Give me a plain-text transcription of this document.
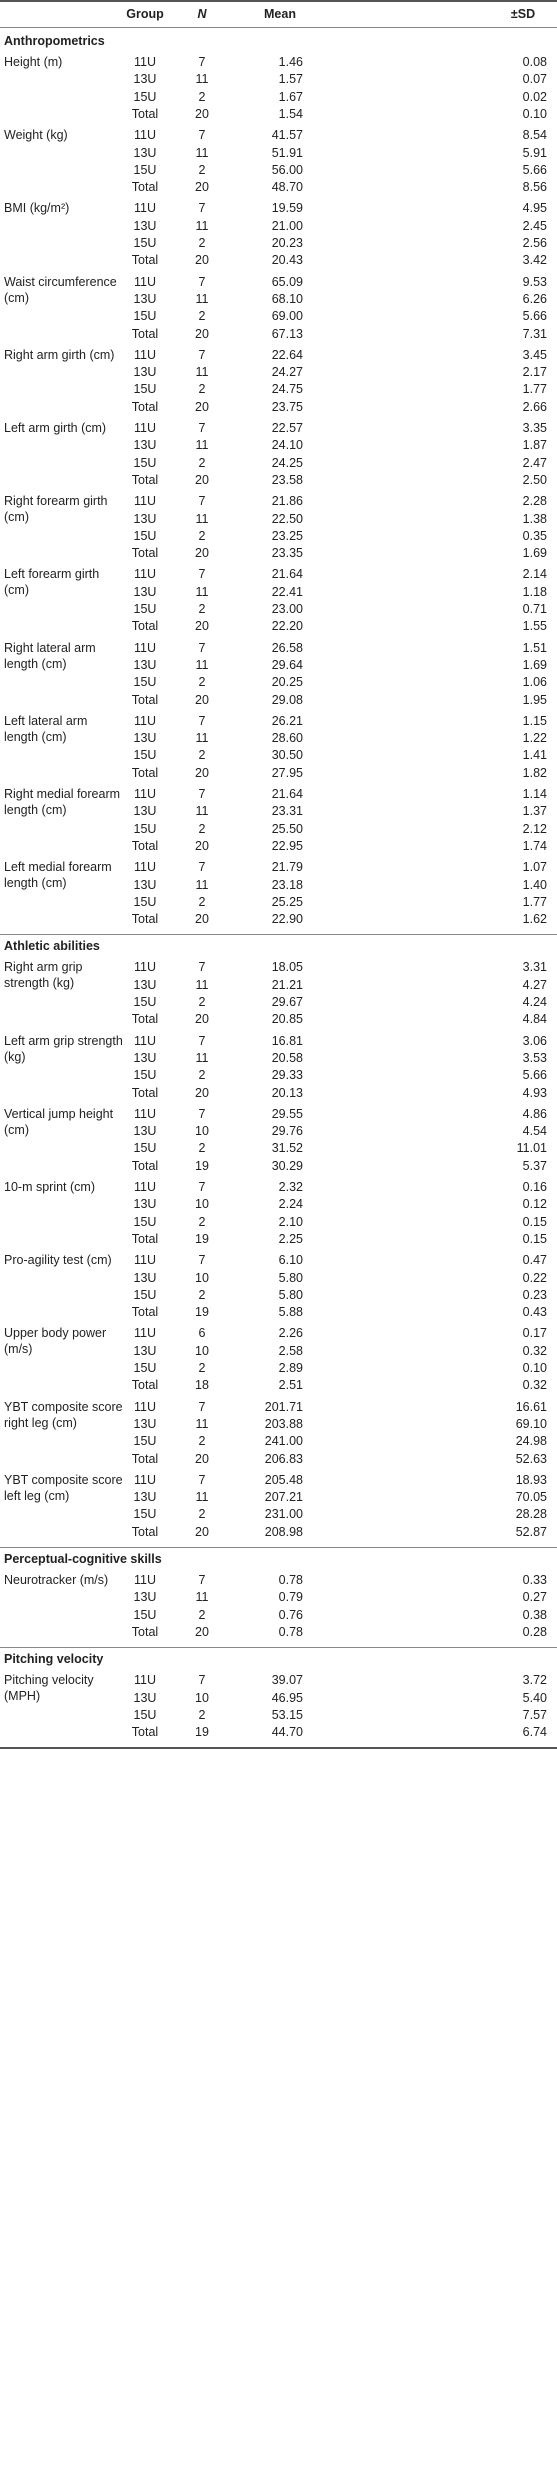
Group	N	Mean	±SD
Anthropometrics
Height (m)	11U	7	1.46	0.08
13U	11	1.57	0.07
15U	2	1.67	0.02
Total	20	1.54	0.10
Weight (kg)	11U	7	41.57	8.54
13U	11	51.91	5.91
15U	2	56.00	5.66
Total	20	48.70	8.56
BMI (kg/m²)	11U	7	19.59	4.95
13U	11	21.00	2.45
15U	2	20.23	2.56
Total	20	20.43	3.42
Waist circumference (cm)
11U	7	65.09	9.53
13U	11	68.10	6.26
15U	2	69.00	5.66
Total	20	67.13	7.31
Right arm girth (cm)	11U	7	22.64	3.45
13U	11	24.27	2.17
15U	2	24.75	1.77
Total	20	23.75	2.66
Left arm girth (cm)	11U	7	22.57	3.35
13U	11	24.10	1.87
15U	2	24.25	2.47
Total	20	23.58	2.50
Right forearm girth (cm)
11U	7	21.86	2.28
13U	11	22.50	1.38
15U	2	23.25	0.35
Total	20	23.35	1.69
Left forearm girth (cm)
11U	7	21.64	2.14
13U	11	22.41	1.18
15U	2	23.00	0.71
Total	20	22.20	1.55
Right lateral arm length (cm)
11U	7	26.58	1.51
13U	11	29.64	1.69
15U	2	20.25	1.06
Total	20	29.08	1.95
Left lateral arm length (cm)
11U	7	26.21	1.15
13U	11	28.60	1.22
15U	2	30.50	1.41
Total	20	27.95	1.82
Right medial forearm length (cm)
11U	7	21.64	1.14
13U	11	23.31	1.37
15U	2	25.50	2.12
Total	20	22.95	1.74
Left medial forearm length (cm)
11U	7	21.79	1.07
13U	11	23.18	1.40
15U	2	25.25	1.77
Total	20	22.90	1.62
Athletic abilities
Right arm grip strength (kg)
11U	7	18.05	3.31
13U	11	21.21	4.27
15U	2	29.67	4.24
Total	20	20.85	4.84
Left arm grip strength (kg)
11U	7	16.81	3.06
13U	11	20.58	3.53
15U	2	29.33	5.66
Total	20	20.13	4.93
Vertical jump height (cm)
11U	7	29.55	4.86
13U	10	29.76	4.54
15U	2	31.52	11.01
Total	19	30.29	5.37
10-m sprint (cm)	11U	7	2.32	0.16
13U	10	2.24	0.12
15U	2	2.10	0.15
Total	19	2.25	0.15
Pro-agility test (cm)	11U	7	6.10	0.47
13U	10	5.80	0.22
15U	2	5.80	0.23
Total	19	5.88	0.43
Upper body power (m/s)
11U	6	2.26	0.17
13U	10	2.58	0.32
15U	2	2.89	0.10
Total	18	2.51	0.32
YBT composite score right leg (cm)
11U	7	201.71	16.61
13U	11	203.88	69.10
15U	2	241.00	24.98
Total	20	206.83	52.63
YBT composite score left leg (cm)
11U	7	205.48	18.93
13U	11	207.21	70.05
15U	2	231.00	28.28
Total	20	208.98	52.87
Perceptual-cognitive skills
Neurotracker (m/s)	11U	7	0.78	0.33
13U	11	0.79	0.27
15U	2	0.76	0.38
Total	20	0.78	0.28
Pitching velocity
Pitching velocity (MPH)
11U	7	39.07	3.72
13U	10	46.95	5.40
15U	2	53.15	7.57
Total	19	44.70	6.74
